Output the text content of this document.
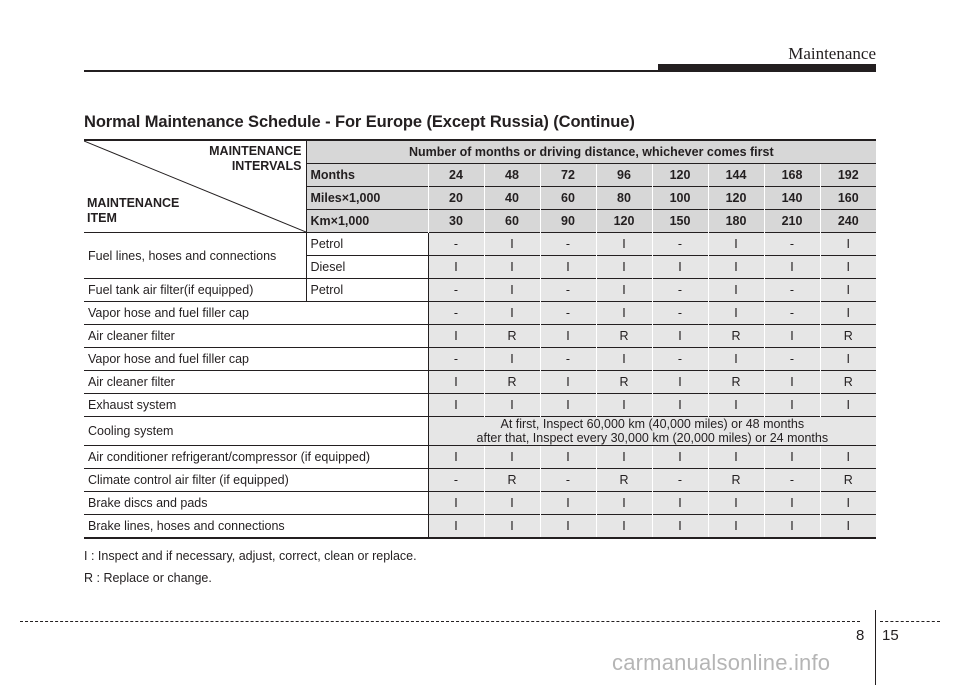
Maintenance
Normal Maintenance Schedule - For Europe (Except Russia) (Continue)
MAINTENANCE
INTERVALS
MAINTENANCE
ITEM	Number of months or driving distance, whichever comes first								
	Months	24	48	72	96	120	144	168	192
	Miles×1,000	20	40	60	80	100	120	140	160
	Km×1,000	30	60	90	120	150	180	210	240
Fuel lines, hoses and connections	Petrol	-	I	-	I	-	I	-	I
	Diesel	I	I	I	I	I	I	I	I
Fuel tank air filter(if equipped)	Petrol	-	I	-	I	-	I	-	I
Vapor hose and fuel filler cap		-	I	-	I	-	I	-	I
Air cleaner filter		I	R	I	R	I	R	I	R
Vapor hose and fuel filler cap		-	I	-	I	-	I	-	I
Air cleaner filter		I	R	I	R	I	R	I	R
Exhaust system		I	I	I	I	I	I	I	I
Cooling system		At first, Inspect 60,000 km (40,000 miles) or 48 months
after that, Inspect every 30,000 km (20,000 miles) or 24 months							

Air conditioner refrigerant/compressor (if equipped)		I	I	I	I	I	I	I	I
Climate control air filter (if equipped)		-	R	-	R	-	R	-	R
Brake discs and pads		I	I	I	I	I	I	I	I
Brake lines, hoses and connections		I	I	I	I	I	I	I	I
I : Inspect and if necessary, adjust, correct, clean or replace.
R : Replace or change.
8 15
carmanualsonline.info
